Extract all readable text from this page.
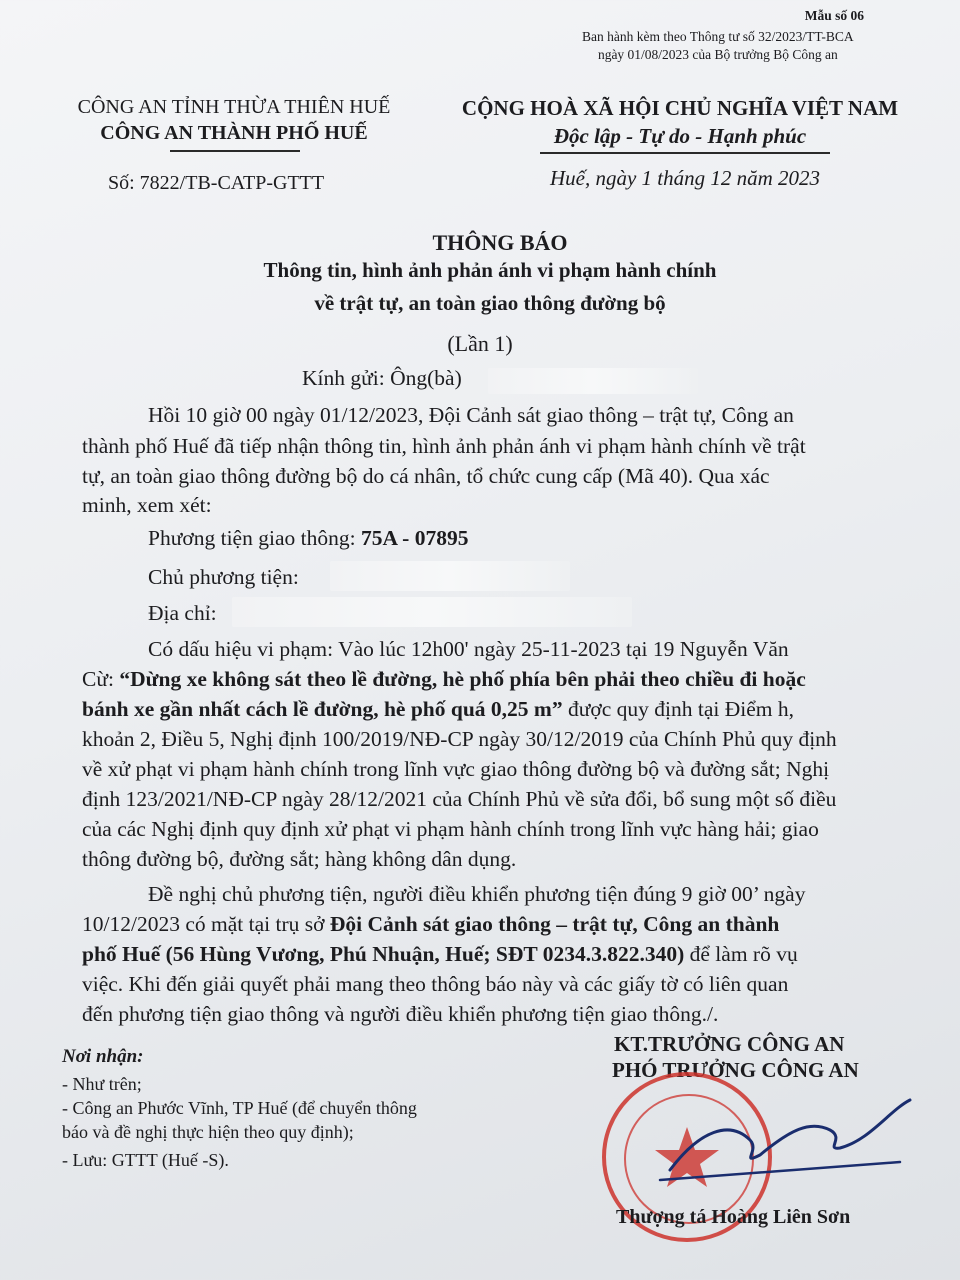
Mẫu số 06
Ban hành kèm theo Thông tư số 32/2023/TT-BCA
ngày 01/08/2023 của Bộ trưởng Bộ Công an
CÔNG AN TỈNH THỪA THIÊN HUẾ
CÔNG AN THÀNH PHỐ HUẾ
Số: 7822/TB-CATP-GTTT
CỘNG HOÀ XÃ HỘI CHỦ NGHĨA VIỆT NAM
Độc lập - Tự do - Hạnh phúc
Huế, ngày 1 tháng 12 năm 2023
THÔNG BÁO
Thông tin, hình ảnh phản ánh vi phạm hành chính
về trật tự, an toàn giao thông đường bộ
(Lần 1)
Kính gửi: Ông(bà)
Hồi 10 giờ 00 ngày 01/12/2023, Đội Cảnh sát giao thông – trật tự, Công an
thành phố Huế đã tiếp nhận thông tin, hình ảnh phản ánh vi phạm hành chính về trật
tự, an toàn giao thông đường bộ do cá nhân, tổ chức cung cấp (Mã 40). Qua xác
minh, xem xét:
Phương tiện giao thông: 75A - 07895
Chủ phương tiện:
Địa chỉ:
Có dấu hiệu vi phạm: Vào lúc 12h00' ngày 25-11-2023 tại 19 Nguyễn Văn
Cừ: “Dừng xe không sát theo lề đường, hè phố phía bên phải theo chiều đi hoặc
bánh xe gần nhất cách lề đường, hè phố quá 0,25 m” được quy định tại Điểm h,
khoản 2, Điều 5, Nghị định 100/2019/NĐ-CP ngày 30/12/2019 của Chính Phủ quy định
về xử phạt vi phạm hành chính trong lĩnh vực giao thông đường bộ và đường sắt; Nghị
định 123/2021/NĐ-CP ngày 28/12/2021 của Chính Phủ về sửa đổi, bổ sung một số điều
của các Nghị định quy định xử phạt vi phạm hành chính trong lĩnh vực hàng hải; giao
thông đường bộ, đường sắt; hàng không dân dụng.
Đề nghị chủ phương tiện, người điều khiển phương tiện đúng 9 giờ 00’ ngày
10/12/2023 có mặt tại trụ sở Đội Cảnh sát giao thông – trật tự, Công an thành
phố Huế (56 Hùng Vương, Phú Nhuận, Huế; SĐT 0234.3.822.340) để làm rõ vụ
việc. Khi đến giải quyết phải mang theo thông báo này và các giấy tờ có liên quan
đến phương tiện giao thông và người điều khiển phương tiện giao thông./.
Nơi nhận:
- Như trên;
- Công an Phước Vĩnh, TP Huế (để chuyển thông
báo và đề nghị thực hiện theo quy định);
- Lưu: GTTT (Huế -S).
KT.TRƯỞNG CÔNG AN
PHÓ TRƯỞNG CÔNG AN
Thượng tá Hoàng Liên Sơn
